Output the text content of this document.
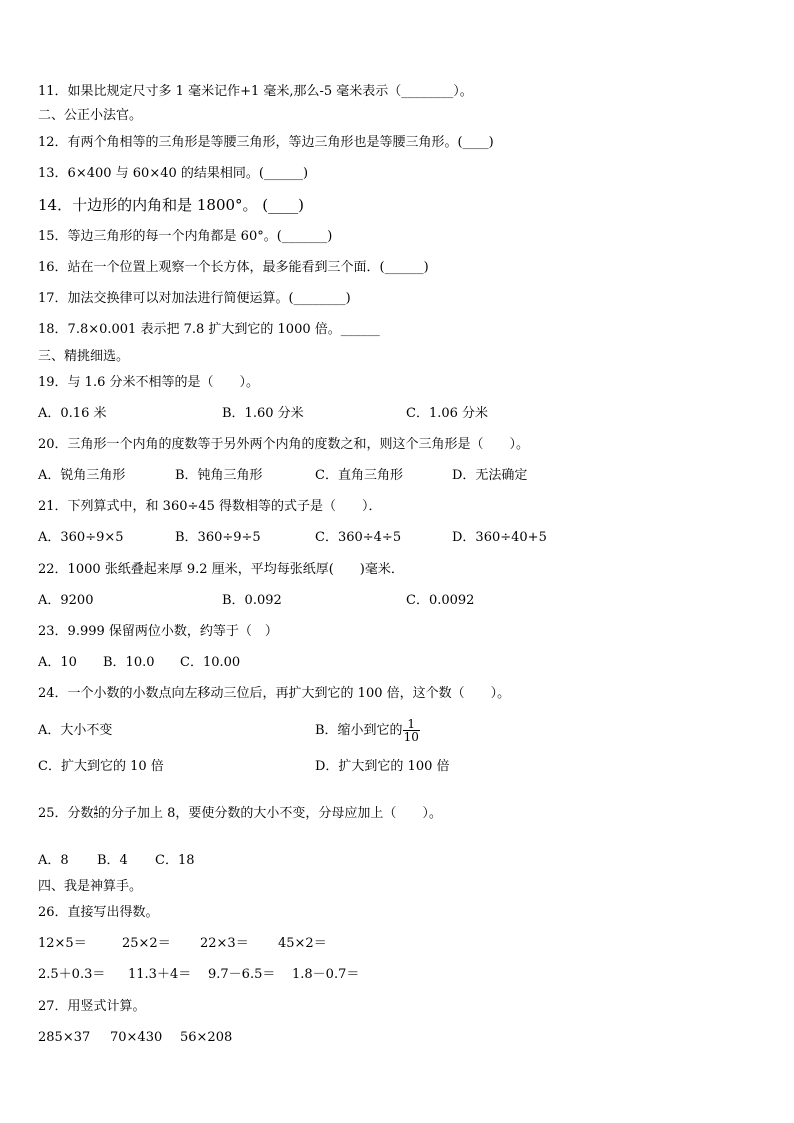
11．如果比规定尺寸多 1 毫米记作+1 毫米,那么-5 毫米表示（________）。
二、公正小法官。
12．有两个角相等的三角形是等腰三角形，等边三角形也是等腰三角形。(____)
13．6×400 与 60×40 的结果相同。(______)
14．十边形的内角和是 1800°。 (____)
15．等边三角形的每一个内角都是 60°。(_______)
16．站在一个位置上观察一个长方体，最多能看到三个面．(______)
17．加法交换律可以对加法进行简便运算。(________)
18．7.8×0.001 表示把 7.8 扩大到它的 1000 倍。______
三、精挑细选。
19．与 1.6 分米不相等的是（　　）。
A．0.16 米	B．1.60 分米	C．1.06 分米
20．三角形一个内角的度数等于另外两个内角的度数之和，则这个三角形是（　　）。
A．锐角三角形	B．钝角三角形	C．直角三角形	D．无法确定
21．下列算式中，和 360÷45 得数相等的式子是（　　）．
A．360÷9×5	B．360÷9÷5	C．360÷4÷5	D．360÷40+5
22．1000 张纸叠起来厚 9.2 厘米，平均每张纸厚(　　)毫米．
A．9200	B．0.092	C．0.0092
23．9.999 保留两位小数，约等于（　）
A．10 B．10.0 C．10.00
24．一个小数的小数点向左移动三位后，再扩大到它的 100 倍，这个数（　　）。
A．大小不变	B．缩小到它的 $\frac{1}{10}$
C．扩大到它的 10 倍	D．扩大到它的 100 倍
25．分数 $\frac{4}{5}$ 的分子加上 8，要使分数的大小不变，分母应加上（　　）。
A．8 B．4 C．18
四、我是神算手。
26．直接写出得数。
12×5＝	25×2＝ 22×3＝ 45×2＝
2.5＋0.3＝ 11.3＋4＝ 9.7－6.5＝ 1.8－0.7＝
27．用竖式计算。
285×37 70×430 56×208
